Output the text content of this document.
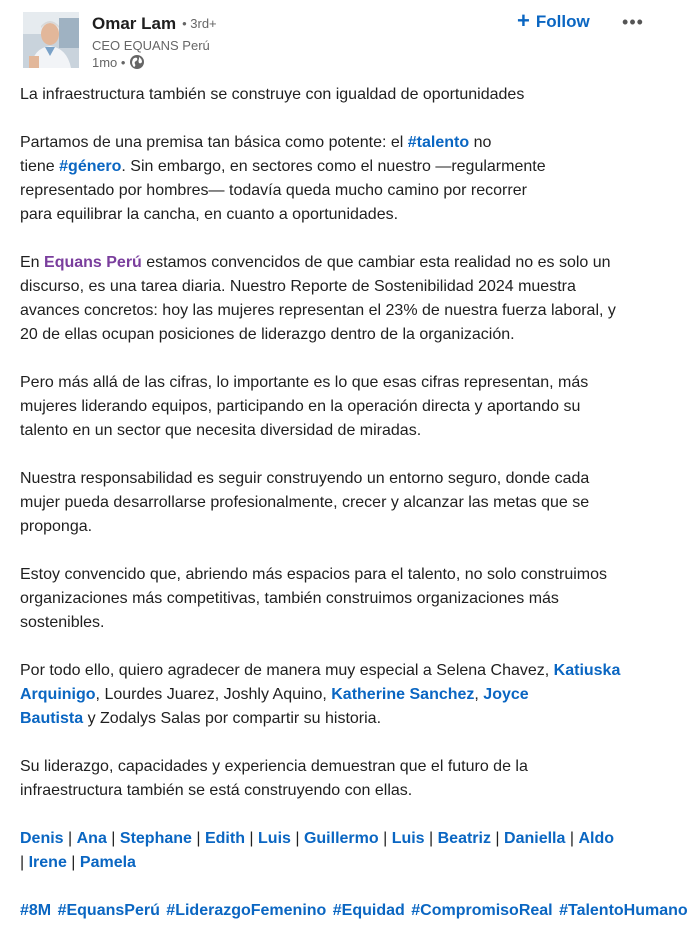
Omar Lam • 3rd+
CEO EQUANS Perú
1mo •
+ Follow •••

La infraestructura también se construye con igualdad de oportunidades

Partamos de una premisa tan básica como potente: el #talento no
tiene #género. Sin embargo, en sectores como el nuestro —regularmente
representado por hombres— todavía queda mucho camino por recorrer
para equilibrar la cancha, en cuanto a oportunidades.

En Equans Perú estamos convencidos de que cambiar esta realidad no es solo un
discurso, es una tarea diaria. Nuestro Reporte de Sostenibilidad 2024 muestra
avances concretos: hoy las mujeres representan el 23% de nuestra fuerza laboral, y
20 de ellas ocupan posiciones de liderazgo dentro de la organización.

Pero más allá de las cifras, lo importante es lo que esas cifras representan, más
mujeres liderando equipos, participando en la operación directa y aportando su
talento en un sector que necesita diversidad de miradas.

Nuestra responsabilidad es seguir construyendo un entorno seguro, donde cada
mujer pueda desarrollarse profesionalmente, crecer y alcanzar las metas que se
proponga.

Estoy convencido que, abriendo más espacios para el talento, no solo construimos
organizaciones más competitivas, también construimos organizaciones más
sostenibles.

Por todo ello, quiero agradecer de manera muy especial a Selena Chavez, Katiuska
Arquinigo, Lourdes Juarez, Joshly Aquino, Katherine Sanchez, Joyce
Bautista y Zodalys Salas por compartir su historia.

Su liderazgo, capacidades y experiencia demuestran que el futuro de la
infraestructura también se está construyendo con ellas.

Denis | Ana | Stephane | Edith | Luis | Guillermo | Luis | Beatriz | Daniella | Aldo
| Irene | Pamela

#8M #EquansPerú #LiderazgoFemenino #Equidad #CompromisoReal #TalentoHumano
